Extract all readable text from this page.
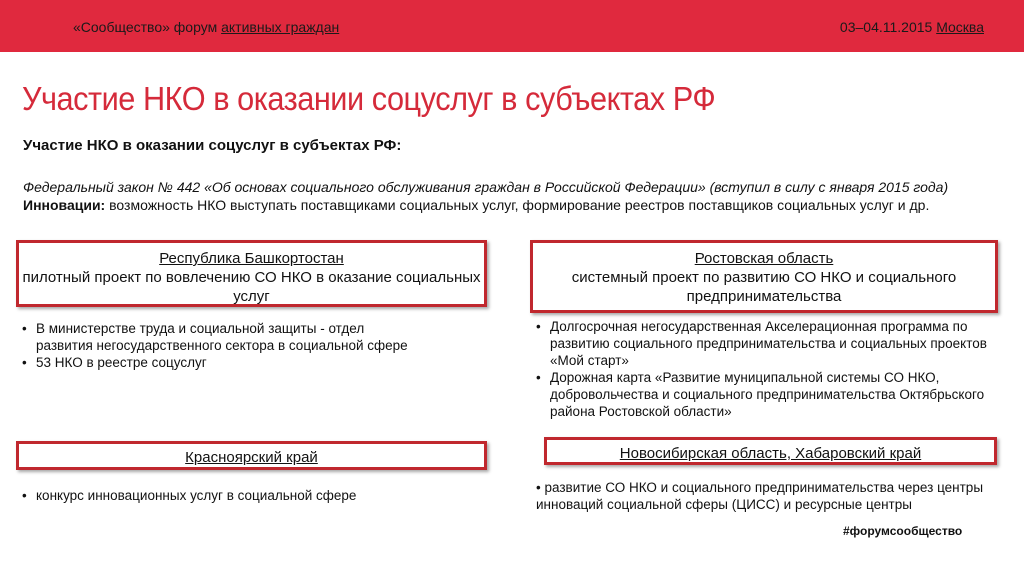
«Сообщество» форум активных граждан	03–04.11.2015 Москва
Участие НКО в оказании соцуслуг в субъектах РФ
Участие НКО в оказании соцуслуг в субъектах РФ:
Федеральный закон № 442 «Об основах социального обслуживания граждан в Российской Федерации» (вступил в силу с января 2015 года) Инновации: возможность НКО выступать поставщиками социальных услуг, формирование реестров поставщиков социальных услуг и др.
Республика Башкортостан
пилотный проект по вовлечению СО НКО в оказание социальных услуг
Ростовская область
системный проект по развитию СО НКО и социального предпринимательства
• В министерстве труда и социальной защиты - отдел развития негосударственного сектора в социальной сфере
• 53 НКО в реестре соцуслуг
• Долгосрочная негосударственная Акселерационная программа по развитию социального предпринимательства и социальных проектов «Мой старт»
• Дорожная карта «Развитие муниципальной системы СО НКО, добровольчества и социального предпринимательства Октябрьского района Ростовской области»
Красноярский край	Новосибирская область, Хабаровский край
• конкурс инновационных услуг в социальной сфере
• развитие СО НКО и социального предпринимательства через центры инноваций социальной сферы (ЦИСС) и ресурсные центры
#форумсообщество
